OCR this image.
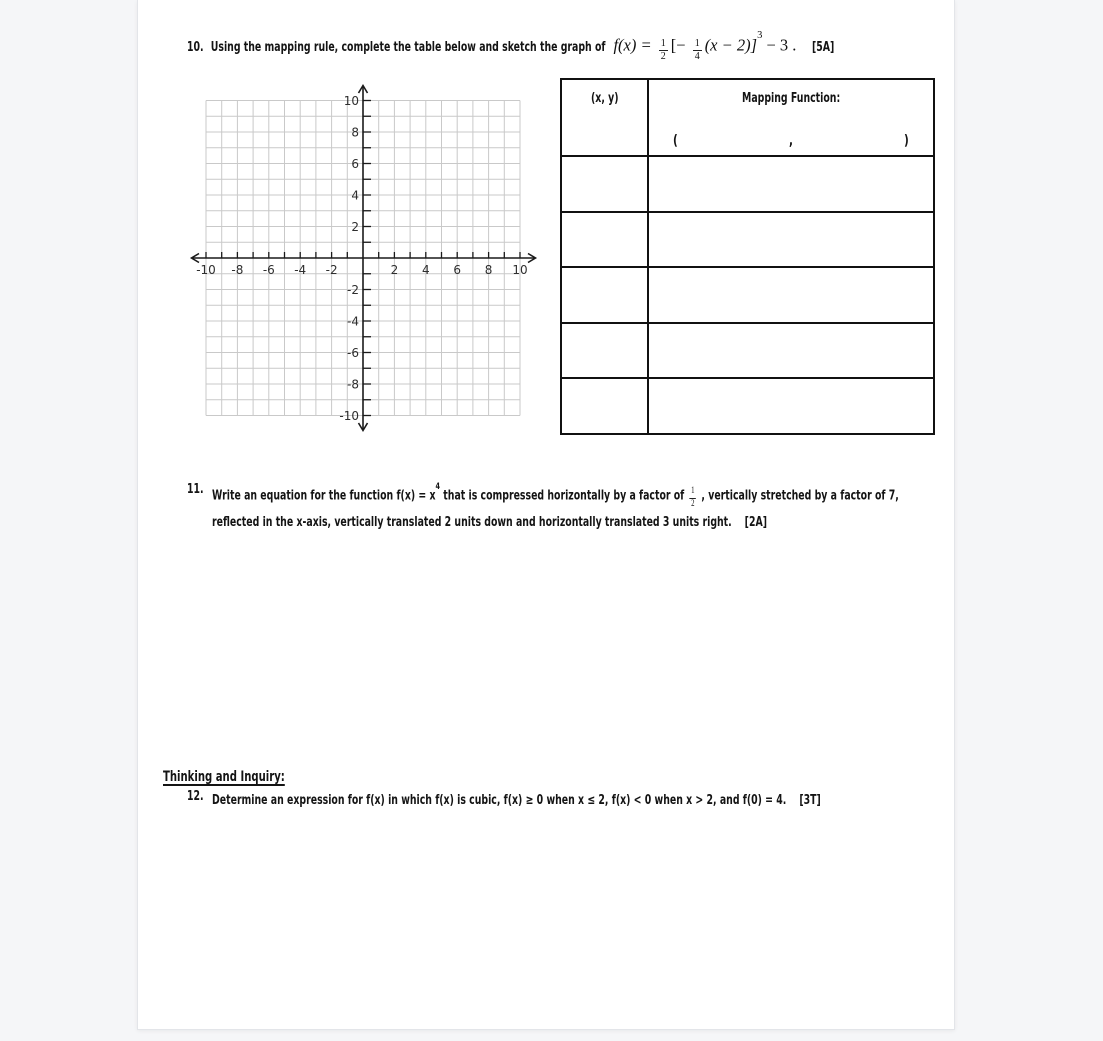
10. Using the mapping rule, complete the table below and sketch the graph of $f(x) = \frac{1}{2}$ [− $\frac{1}{4} (x - 2)]^3 - 3$ . [5A]
-10 -8 -6 -4 -2	2 4 6 8 10
10
8
6
4
2
-2
-4
-6
-8
-10
(x, y)	Mapping Function:
( , )

11. Write an equation for the function $f(x) = x^4$ that is compressed horizontally by a factor of $\frac{1}{2}$ , vertically stretched by a factor of 7,
reflected in the x-axis, vertically translated 2 units down and horizontally translated 3 units right. [2A]
Thinking and Inquiry:
12. Determine an expression for f(x) in which f(x) is cubic, f(x) ≥ 0 when x ≤ 2, f(x) < 0 when x > 2, and f(0) = 4. [3T]
